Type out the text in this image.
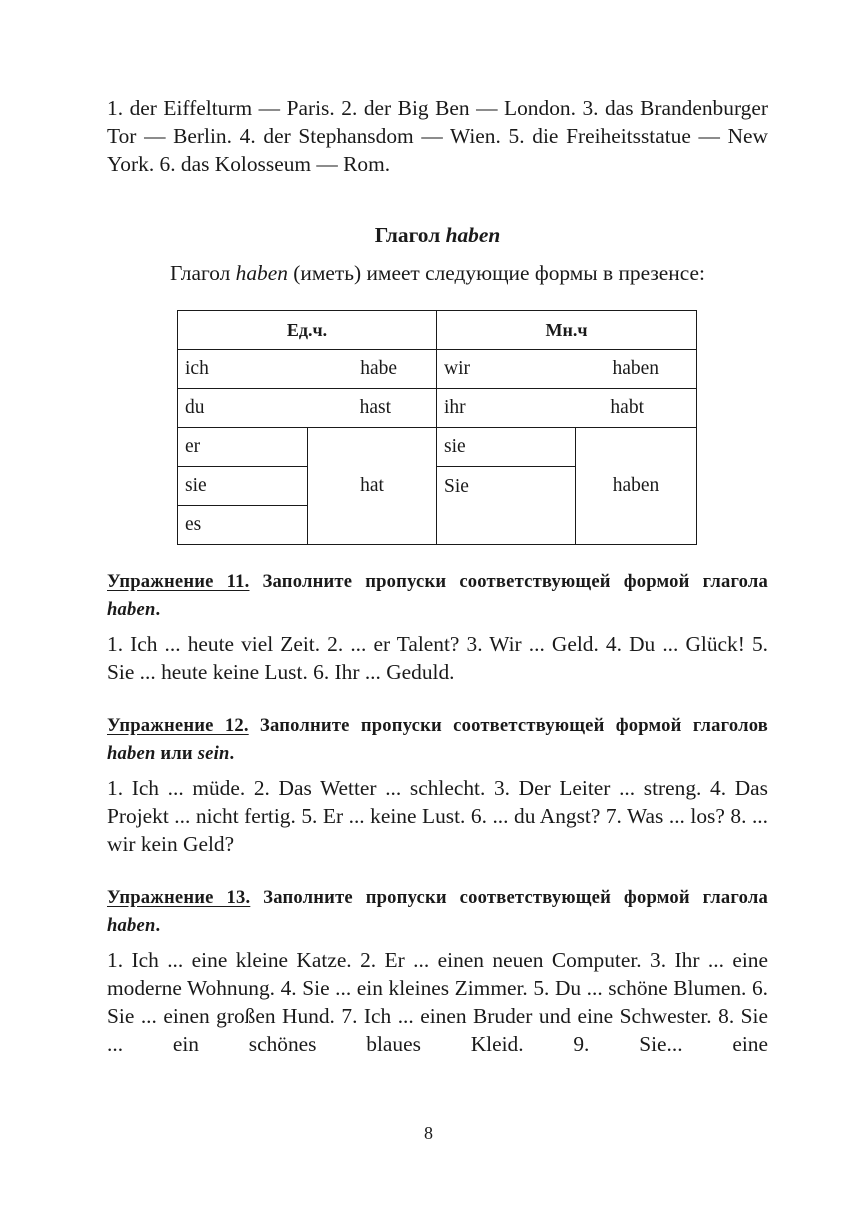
1. der Eiffelturm — Paris. 2. der Big Ben — London. 3. das Brandenburger Tor — Berlin. 4. der Stephansdom — Wien. 5. die Freiheitsstatue — New York. 6. das Kolosseum — Rom.

Глагол haben

Глагол haben (иметь) имеет следующие формы в презенсе:

Ед.ч.		Мн.ч	

ich habe		wir haben	

du hast		ihr habt	

er	hat	sie	haben
sie		Sie	
es			

Упражнение 11. Заполните пропуски соответствующей формой глагола haben.

1. Ich ... heute viel Zeit. 2. ... er Talent? 3. Wir ... Geld. 4. Du ... Glück! 5. Sie ... heute keine Lust. 6. Ihr ... Geduld.

Упражнение 12. Заполните пропуски соответствующей формой глаголов haben или sein.

1. Ich ... müde. 2. Das Wetter ... schlecht. 3. Der Leiter ... streng. 4. Das Projekt ... nicht fertig. 5. Er ... keine Lust. 6. ... du Angst? 7. Was ... los? 8. ... wir kein Geld?

Упражнение 13. Заполните пропуски соответствующей формой глагола haben.

1. Ich ... eine kleine Katze. 2. Er ... einen neuen Computer. 3. Ihr ... eine moderne Wohnung. 4. Sie ... ein kleines Zimmer. 5. Du ... schöne Blumen. 6. Sie ... einen großen Hund. 7. Ich ... einen Bruder und eine Schwester. 8. Sie ... ein schönes blaues Kleid. 9. Sie... eine

8
